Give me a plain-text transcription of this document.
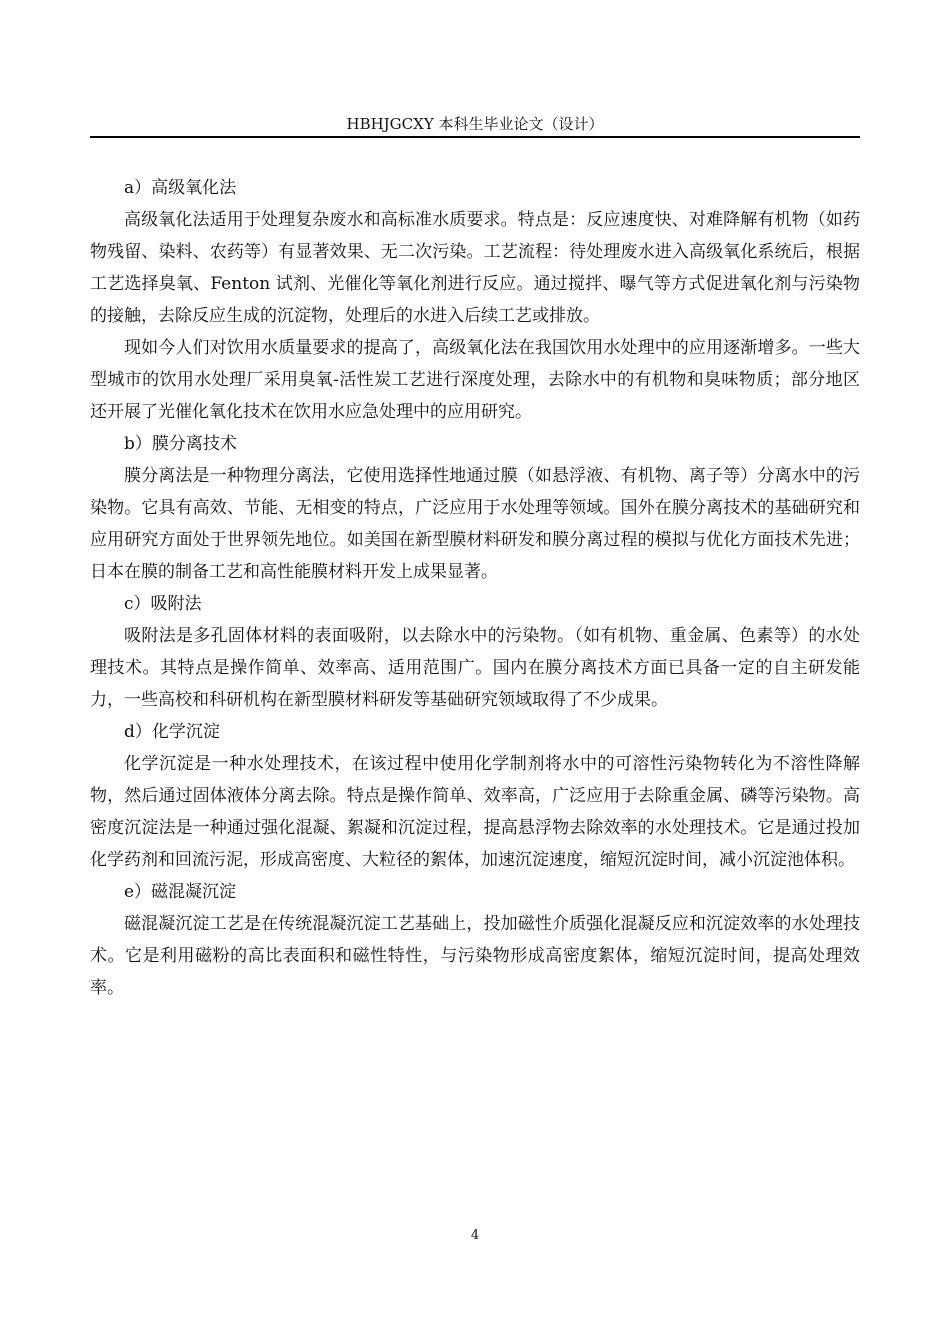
HBHJGCXY 本科生毕业论文（设计）

a）高级氧化法

高级氧化法适用于处理复杂废水和高标准水质要求。特点是：反应速度快、对难降解有机物（如药物残留、染料、农药等）有显著效果、无二次污染。工艺流程：待处理废水进入高级氧化系统后，根据工艺选择臭氧、Fenton 试剂、光催化等氧化剂进行反应。通过搅拌、曝气等方式促进氧化剂与污染物的接触，去除反应生成的沉淀物，处理后的水进入后续工艺或排放。

现如今人们对饮用水质量要求的提高了，高级氧化法在我国饮用水处理中的应用逐渐增多。一些大型城市的饮用水处理厂采用臭氧-活性炭工艺进行深度处理，去除水中的有机物和臭味物质；部分地区还开展了光催化氧化技术在饮用水应急处理中的应用研究。

b）膜分离技术

膜分离法是一种物理分离法，它使用选择性地通过膜（如悬浮液、有机物、离子等）分离水中的污染物。它具有高效、节能、无相变的特点，广泛应用于水处理等领域。国外在膜分离技术的基础研究和应用研究方面处于世界领先地位。如美国在新型膜材料研发和膜分离过程的模拟与优化方面技术先进；日本在膜的制备工艺和高性能膜材料开发上成果显著。

c）吸附法

吸附法是多孔固体材料的表面吸附，以去除水中的污染物。（如有机物、重金属、色素等）的水处理技术。其特点是操作简单、效率高、适用范围广。国内在膜分离技术方面已具备一定的自主研发能力，一些高校和科研机构在新型膜材料研发等基础研究领域取得了不少成果。

d）化学沉淀

化学沉淀是一种水处理技术，在该过程中使用化学制剂将水中的可溶性污染物转化为不溶性降解物，然后通过固体液体分离去除。特点是操作简单、效率高，广泛应用于去除重金属、磷等污染物。高密度沉淀法是一种通过强化混凝、絮凝和沉淀过程，提高悬浮物去除效率的水处理技术。它是通过投加化学药剂和回流污泥，形成高密度、大粒径的絮体，加速沉淀速度，缩短沉淀时间，减小沉淀池体积。

e）磁混凝沉淀

磁混凝沉淀工艺是在传统混凝沉淀工艺基础上，投加磁性介质强化混凝反应和沉淀效率的水处理技术。它是利用磁粉的高比表面积和磁性特性，与污染物形成高密度絮体，缩短沉淀时间，提高处理效率。

4
